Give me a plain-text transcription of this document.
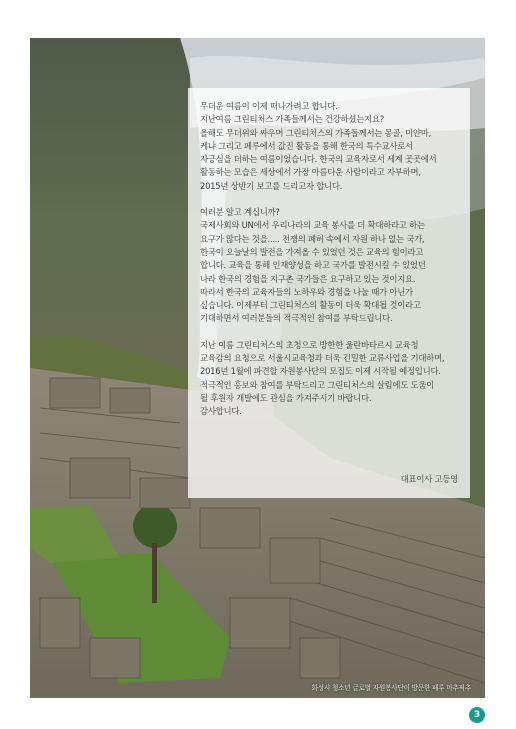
화성시 청소년 글로벌 자원봉사단이 방문한 페루 마추픽추

무더운 여름이 이제 떠나가려고 합니다.
지난여름 그린티처스 가족들께서는 건강하셨는지요?
올해도 무더위와 싸우며 그린티처스의 가족들께서는 몽골, 미얀마,
케냐 그리고 페루에서 값진 활동을 통해 한국의 특수교사로서
자긍심을 더하는 여름이었습니다. 한국의 교육자로서 세계 곳곳에서
활동하는 모습은 세상에서 가장 아름다운 사람이라고 자부하며,
2015년 상반기 보고를 드리고자 합니다.

여러분 알고 계십니까?
국제사회와 UN에서 우리나라의 교육 봉사를 더 확대하라고 하는
요구가 많다는 것을..... 전쟁의 폐허 속에서 자원 하나 없는 국가,
한국이 오늘날의 발전을 가져올 수 있었던 것은 교육의 힘이라고
합니다. 교육을 통해 인재양성을 하고 국가를 발전시킬 수 있었던
나라 한국의 경험을 지구촌 국가들은 요구하고 있는 것이지요.
따라서 한국의 교육자들의 노하우와 경험을 나눌 때가 아닌가
싶습니다. 이제부터 그린티처스의 활동이 더욱 확대될 것이라고
기대하면서 여러분들의 적극적인 참여를 부탁드립니다.

지난 여름 그린티처스의 초청으로 방한한 울란바타르시 교육청
교육감의 요청으로 서울시교육청과 더욱 긴밀한 교류사업을 기대하며,
2016년 1월에 파견할 자원봉사단의 모집도 이제 시작될 예정입니다.
적극적인 홍보와 참여를 부탁드리고 그린티처스의 살림에도 도움이
될 후원자 개발에도 관심을 가져주시기 바랍니다.
감사합니다.

대표이사 고등영
3
